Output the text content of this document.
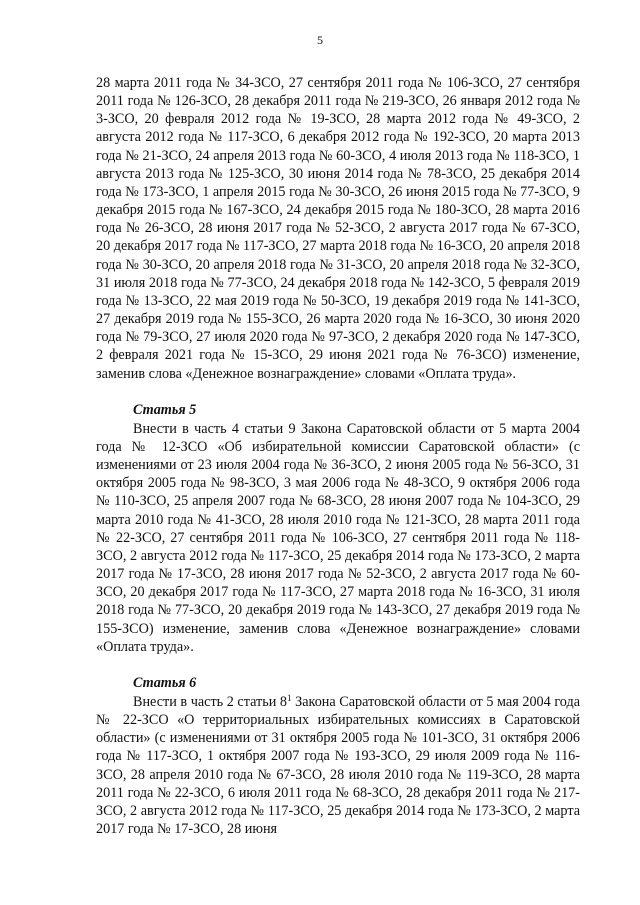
5

28 марта 2011 года № 34-ЗСО, 27 сентября 2011 года № 106-ЗСО, 27 сентября 2011 года № 126-ЗСО, 28 декабря 2011 года № 219-ЗСО, 26 января 2012 года № 3-ЗСО, 20 февраля 2012 года № 19-ЗСО, 28 марта 2012 года № 49-ЗСО, 2 августа 2012 года № 117-ЗСО, 6 декабря 2012 года № 192-ЗСО, 20 марта 2013 года № 21-ЗСО, 24 апреля 2013 года № 60-ЗСО, 4 июля 2013 года № 118-ЗСО, 1 августа 2013 года № 125-ЗСО, 30 июня 2014 года № 78-ЗСО, 25 декабря 2014 года № 173-ЗСО, 1 апреля 2015 года № 30-ЗСО, 26 июня 2015 года № 77-ЗСО, 9 декабря 2015 года № 167-ЗСО, 24 декабря 2015 года № 180-ЗСО, 28 марта 2016 года № 26-ЗСО, 28 июня 2017 года № 52-ЗСО, 2 августа 2017 года № 67-ЗСО, 20 декабря 2017 года № 117-ЗСО, 27 марта 2018 года № 16-ЗСО, 20 апреля 2018 года № 30-ЗСО, 20 апреля 2018 года № 31-ЗСО, 20 апреля 2018 года № 32-ЗСО, 31 июля 2018 года № 77-ЗСО, 24 декабря 2018 года № 142-ЗСО, 5 февраля 2019 года № 13-ЗСО, 22 мая 2019 года № 50-ЗСО, 19 декабря 2019 года № 141-ЗСО, 27 декабря 2019 года № 155-ЗСО, 26 марта 2020 года № 16-ЗСО, 30 июня 2020 года № 79-ЗСО, 27 июля 2020 года № 97-ЗСО, 2 декабря 2020 года № 147-ЗСО, 2 февраля 2021 года № 15-ЗСО, 29 июня 2021 года № 76-ЗСО) изменение, заменив слова «Денежное вознаграждение» словами «Оплата труда».

Статья 5

Внести в часть 4 статьи 9 Закона Саратовской области от 5 марта 2004 года № 12-ЗСО «Об избирательной комиссии Саратовской области» (с изменениями от 23 июля 2004 года № 36-ЗСО, 2 июня 2005 года № 56-ЗСО, 31 октября 2005 года № 98-ЗСО, 3 мая 2006 года № 48-ЗСО, 9 октября 2006 года № 110-ЗСО, 25 апреля 2007 года № 68-ЗСО, 28 июня 2007 года № 104-ЗСО, 29 марта 2010 года № 41-ЗСО, 28 июля 2010 года № 121-ЗСО, 28 марта 2011 года № 22-ЗСО, 27 сентября 2011 года № 106-ЗСО, 27 сентября 2011 года № 118-ЗСО, 2 августа 2012 года № 117-ЗСО, 25 декабря 2014 года № 173-ЗСО, 2 марта 2017 года № 17-ЗСО, 28 июня 2017 года № 52-ЗСО, 2 августа 2017 года № 60-ЗСО, 20 декабря 2017 года № 117-ЗСО, 27 марта 2018 года № 16-ЗСО, 31 июля 2018 года № 77-ЗСО, 20 декабря 2019 года № 143-ЗСО, 27 декабря 2019 года № 155-ЗСО) изменение, заменив слова «Денежное вознаграждение» словами «Оплата труда».

Статья 6

Внести в часть 2 статьи $8^1$ Закона Саратовской области от 5 мая 2004 года № 22-ЗСО «О территориальных избирательных комиссиях в Саратовской области» (с изменениями от 31 октября 2005 года № 101-ЗСО, 31 октября 2006 года № 117-ЗСО, 1 октября 2007 года № 193-ЗСО, 29 июля 2009 года № 116-ЗСО, 28 апреля 2010 года № 67-ЗСО, 28 июля 2010 года № 119-ЗСО, 28 марта 2011 года № 22-ЗСО, 6 июля 2011 года № 68-ЗСО, 28 декабря 2011 года № 217-ЗСО, 2 августа 2012 года № 117-ЗСО, 25 декабря 2014 года № 173-ЗСО, 2 марта 2017 года № 17-ЗСО, 28 июня
